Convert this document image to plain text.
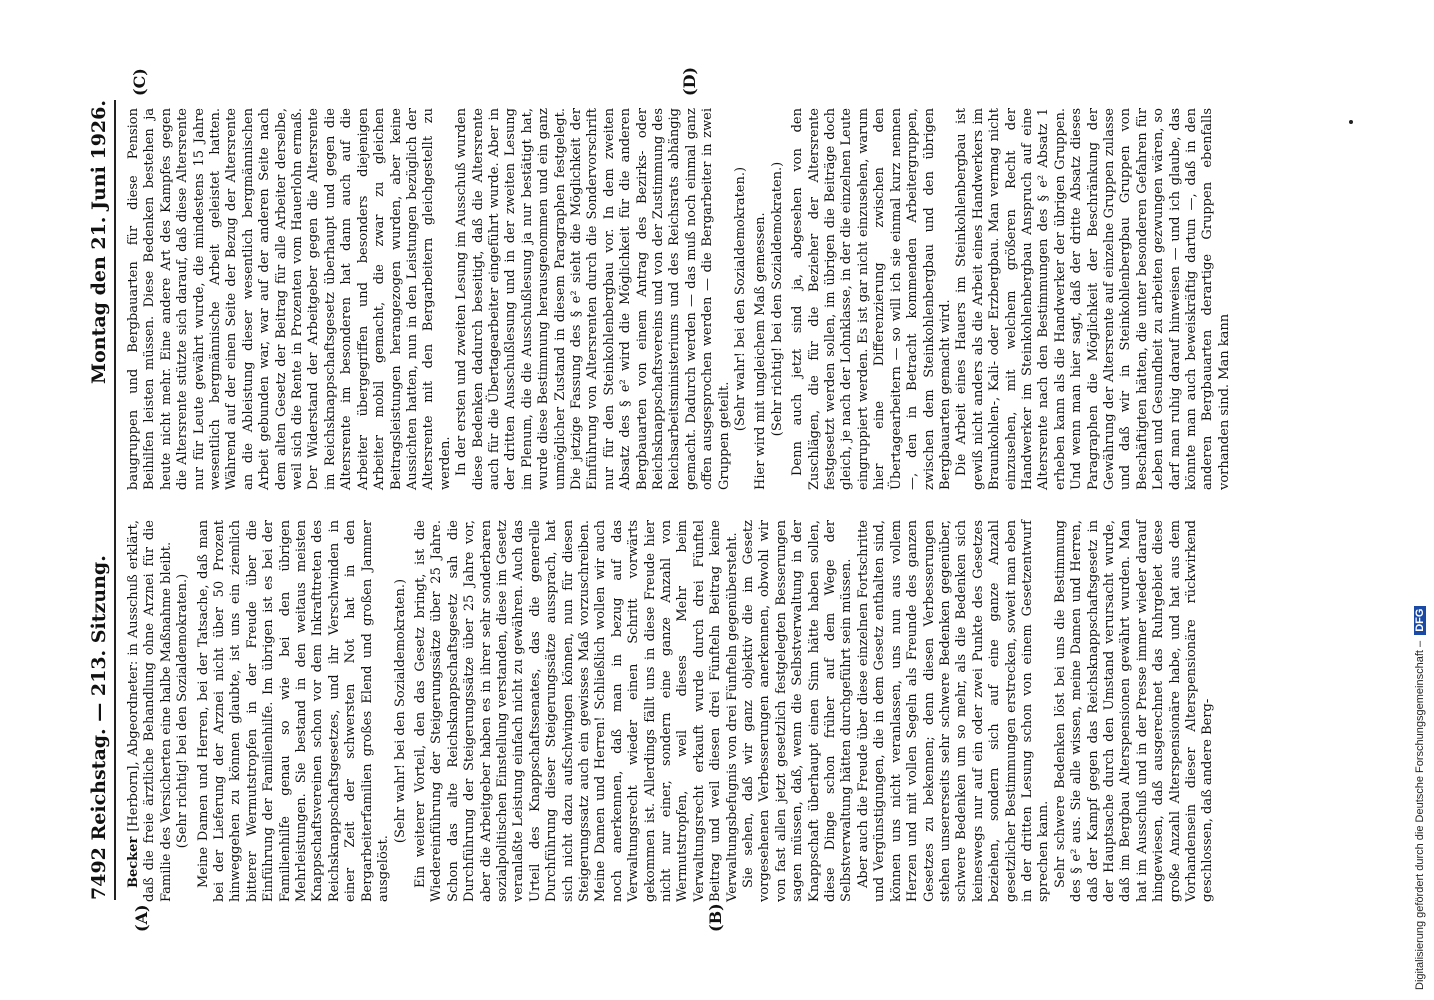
7492 Reichstag. — 213. Sitzung.
Montag den 21. Juni 1926.
(A)	(B)
(C)	(D)

Becker [Herborn], Abgeordneter: in Ausschuß erklärt, daß die freie ärztliche Behandlung ohne Arznei für die Familie des Versicherten eine halbe Maßnahme bleibt. (Sehr richtig! bei den Sozialdemokraten.) Meine Damen und Herren, bei der Tatsache, daß man bei der Lieferung der Arznei nicht über 50 Prozent hinweggehen zu können glaubte, ist uns ein ziemlich bitterer Wermutstropfen in der Freude über die Einführung der Familienhilfe. Im übrigen ist es bei der Familienhilfe genau so wie bei den übrigen Mehrleistungen. Sie bestand in den weitaus meisten Knappschaftsvereinen schon vor dem Inkrafttreten des Reichsknappschaftsgesetzes, und ihr Verschwinden in einer Zeit der schwersten Not hat in den Bergarbeiterfamilien großes Elend und großen Jammer ausgelöst.

(Sehr wahr! bei den Sozialdemokraten.) Ein weiterer Vorteil, den das Gesetz bringt, ist die Wiedereinführung der Steigerungssätze über 25 Jahre. Schon das alte Reichsknappschaftsgesetz sah die Durchführung der Steigerungssätze über 25 Jahre vor, aber die Arbeitgeber haben es in ihrer sehr sonderbaren sozialpolitischen Einstellung verstanden, diese im Gesetz veranlaßte Leistung einfach nicht zu gewähren. Auch das Urteil des Knappschaftssenates, das die generelle Durchführung dieser Steigerungssätze aussprach, hat sich nicht dazu aufschwingen können, nun für diesen Steigerungssatz auch ein gewisses Maß vorzuschreiben. Meine Damen und Herren! Schließlich wollen wir auch noch anerkennen, daß man in bezug auf das Verwaltungsrecht wieder einen Schritt vorwärts gekommen ist. Allerdings fällt uns in diese Freude hier nicht nur einer, sondern eine ganze Anzahl von Wermutstropfen, weil dieses Mehr beim Verwaltungsrecht erkauft wurde durch drei Fünftel Beitrag und weil diesen drei Fünfteln Beitrag keine Verwaltungsbefugnis von drei Fünfteln gegenübersteht. Sie sehen, daß wir ganz objektiv die im Gesetz vorgesehenen Verbesserungen anerkennen, obwohl wir von fast allen jetzt gesetzlich festgelegten Besserungen sagen müssen, daß, wenn die Selbstverwaltung in der Knappschaft überhaupt einen Sinn hätte haben sollen, diese Dinge schon früher auf dem Wege der Selbstverwaltung hätten durchgeführt sein müssen. Aber auch die Freude über diese einzelnen Fortschritte und Vergünstigungen, die in dem Gesetz enthalten sind, können uns nicht veranlassen, uns nun aus vollem Herzen und mit vollen Segeln als Freunde des ganzen Gesetzes zu bekennen; denn diesen Verbesserungen stehen unsererseits sehr schwere Bedenken gegenüber, schwere Bedenken um so mehr, als die Bedenken sich keineswegs nur auf ein oder zwei Punkte des Gesetzes beziehen, sondern sich auf eine ganze Anzahl gesetzlicher Bestimmungen erstrecken, soweit man eben in der dritten Lesung schon von einem Gesetzentwurf sprechen kann. Sehr schwere Bedenken löst bei uns die Bestimmung des § e² aus. Sie alle wissen, meine Damen und Herren, daß der Kampf gegen das Reichsknappschaftsgesetz in der Hauptsache durch den Umstand verursacht wurde, daß im Bergbau Alterspensionen gewährt wurden. Man hat im Ausschuß und in der Presse immer wieder darauf hingewiesen, daß ausgerechnet das Ruhrgebiet diese große Anzahl Alterspensionäre habe, und hat aus dem Vorhandensein dieser Alterspensionäre rückwirkend geschlossen, daß andere Berg-

baugruppen und Bergbauarten für diese Pension Beihilfen leisten müssen. Diese Bedenken bestehen ja heute nicht mehr. Eine andere Art des Kampfes gegen die Altersrente stützte sich darauf, daß diese Altersrente nur für Leute gewährt wurde, die mindestens 15 Jahre wesentlich bergmännische Arbeit geleistet hatten. Während auf der einen Seite der Bezug der Altersrente an die Ableistung dieser wesentlich bergmännischen Arbeit gebunden war, war auf der anderen Seite nach dem alten Gesetz der Beitrag für alle Arbeiter derselbe, weil sich die Rente in Prozenten vom Hauerlohn ermaß. Der Widerstand der Arbeitgeber gegen die Altersrente im Reichsknappschaftsgesetz überhaupt und gegen die Altersrente im besonderen hat dann auch auf die Arbeiter übergegriffen und besonders diejenigen Arbeiter mobil gemacht, die zwar zu gleichen Beitragsleistungen herangezogen wurden, aber keine Aussichten hatten, nun in den Leistungen bezüglich der Altersrente mit den Bergarbeitern gleichgestellt zu werden. In der ersten und zweiten Lesung im Ausschuß wurden diese Bedenken dadurch beseitigt, daß die Altersrente auch für die Übertagearbeiter eingeführt wurde. Aber in der dritten Ausschußlesung und in der zweiten Lesung im Plenum, die die Ausschußlesung ja nur bestätigt hat, wurde diese Bestimmung herausgenommen und ein ganz unmöglicher Zustand in diesem Paragraphen festgelegt. Die jetzige Fassung des § e² sieht die Möglichkeit der Einführung von Altersrenten durch die Sondervorschrift nur für den Steinkohlenbergbau vor. In dem zweiten Absatz des § e² wird die Möglichkeit für die anderen Bergbauarten von einem Antrag des Bezirks- oder Reichsknappschaftsvereins und von der Zustimmung des Reichsarbeitsministeriums und des Reichsrats abhängig gemacht. Dadurch werden — das muß noch einmal ganz offen ausgesprochen werden — die Bergarbeiter in zwei Gruppen geteilt.

(Sehr wahr! bei den Sozialdemokraten.) Hier wird mit ungleichem Maß gemessen. (Sehr richtig! bei den Sozialdemokraten.) Denn auch jetzt sind ja, abgesehen von den Zuschlägen, die für die Bezieher der Altersrente festgesetzt werden sollen, im übrigen die Beiträge doch gleich, je nach der Lohnklasse, in der die einzelnen Leute eingruppiert werden. Es ist gar nicht einzusehen, warum hier eine Differenzierung zwischen den Übertagearbeitern — so will ich sie einmal kurz nennen —, den in Betracht kommenden Arbeitergruppen, zwischen dem Steinkohlenbergbau und den übrigen Bergbauarten gemacht wird. Die Arbeit eines Hauers im Steinkohlenbergbau ist gewiß nicht anders als die Arbeit eines Handwerkers im Braunkohlen-, Kali- oder Erzbergbau. Man vermag nicht einzusehen, mit welchem größeren Recht der Handwerker im Steinkohlenbergbau Anspruch auf eine Altersrente nach den Bestimmungen des § e² Absatz 1 erheben kann als die Handwerker der übrigen Gruppen. Und wenn man hier sagt, daß der dritte Absatz dieses Paragraphen die Möglichkeit der Beschränkung der Gewährung der Altersrente auf einzelne Gruppen zulasse und daß wir in Steinkohlenbergbau Gruppen von Beschäftigten hätten, die unter besonderen Gefahren für Leben und Gesundheit zu arbeiten gezwungen wären, so darf man ruhig darauf hinweisen — und ich glaube, das könnte man auch beweiskräftig dartun —, daß in den anderen Bergbauarten derartige Gruppen ebenfalls vorhanden sind. Man kann

Digitalisierung gefördert durch die Deutsche Forschungsgemeinschaft – DFG
